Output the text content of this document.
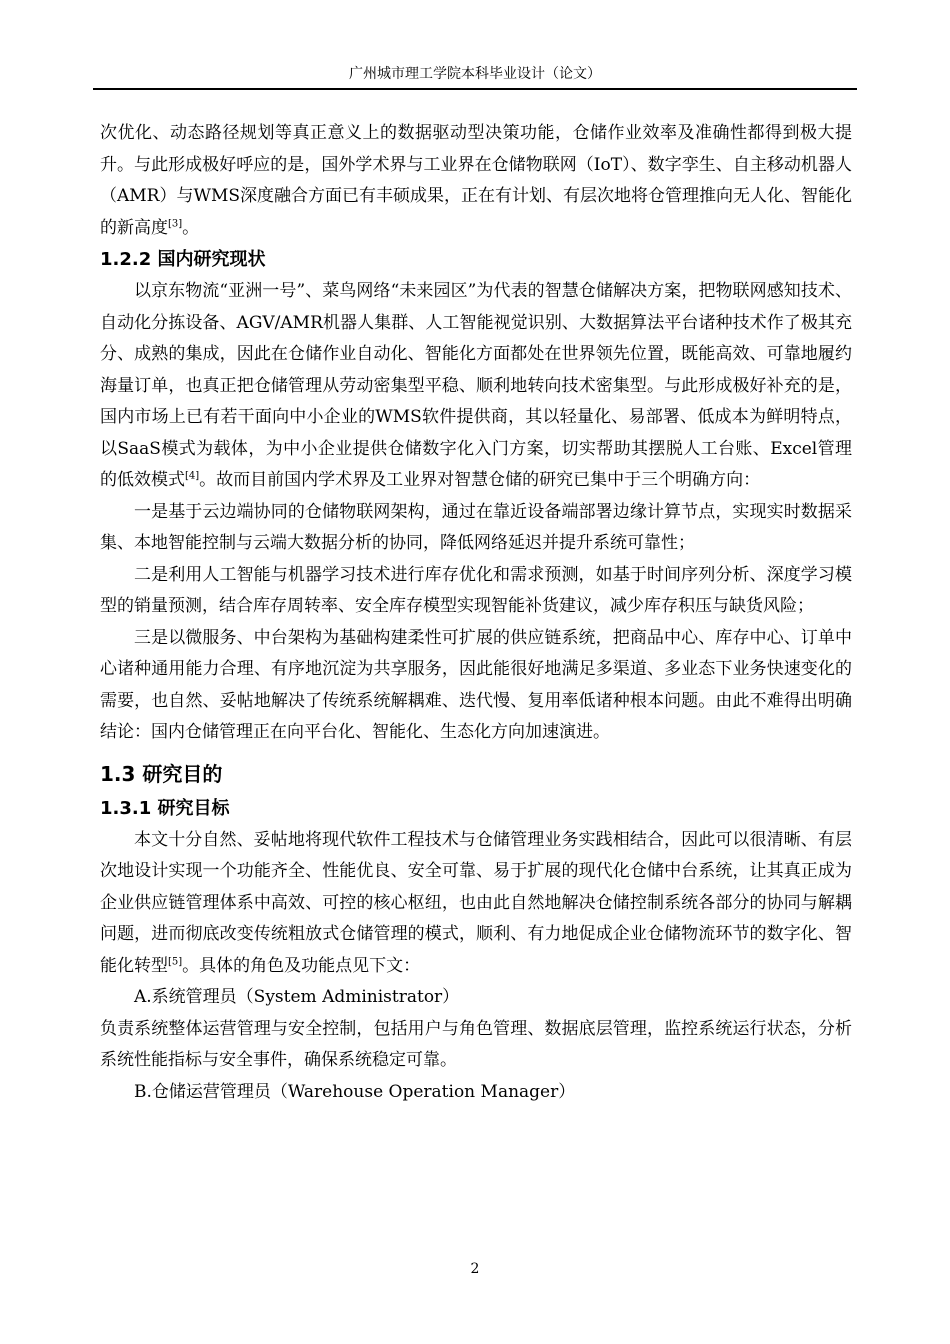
广州城市理工学院本科毕业设计（论文）

次优化、动态路径规划等真正意义上的数据驱动型决策功能，仓储作业效率及准确性都得到极大提升。与此形成极好呼应的是，国外学术界与工业界在仓储物联网（IoT）、数字孪生、自主移动机器人（AMR）与WMS深度融合方面已有丰硕成果，正在有计划、有层次地将仓管理推向无人化、智能化的新高度[3]。

1.2.2 国内研究现状

以京东物流“亚洲一号”、菜鸟网络“未来园区”为代表的智慧仓储解决方案，把物联网感知技术、自动化分拣设备、AGV/AMR机器人集群、人工智能视觉识别、大数据算法平台诸种技术作了极其充分、成熟的集成，因此在仓储作业自动化、智能化方面都处在世界领先位置，既能高效、可靠地履约海量订单，也真正把仓储管理从劳动密集型平稳、顺利地转向技术密集型。与此形成极好补充的是，国内市场上已有若干面向中小企业的WMS软件提供商，其以轻量化、易部署、低成本为鲜明特点，以SaaS模式为载体，为中小企业提供仓储数字化入门方案，切实帮助其摆脱人工台账、Excel管理的低效模式[4]。故而目前国内学术界及工业界对智慧仓储的研究已集中于三个明确方向：

一是基于云边端协同的仓储物联网架构，通过在靠近设备端部署边缘计算节点，实现实时数据采集、本地智能控制与云端大数据分析的协同，降低网络延迟并提升系统可靠性；

二是利用人工智能与机器学习技术进行库存优化和需求预测，如基于时间序列分析、深度学习模型的销量预测，结合库存周转率、安全库存模型实现智能补货建议，减少库存积压与缺货风险；

三是以微服务、中台架构为基础构建柔性可扩展的供应链系统，把商品中心、库存中心、订单中心诸种通用能力合理、有序地沉淀为共享服务，因此能很好地满足多渠道、多业态下业务快速变化的需要，也自然、妥帖地解决了传统系统解耦难、迭代慢、复用率低诸种根本问题。由此不难得出明确结论：国内仓储管理正在向平台化、智能化、生态化方向加速演进。

1.3 研究目的
1.3.1 研究目标

本文十分自然、妥帖地将现代软件工程技术与仓储管理业务实践相结合，因此可以很清晰、有层次地设计实现一个功能齐全、性能优良、安全可靠、易于扩展的现代化仓储中台系统，让其真正成为企业供应链管理体系中高效、可控的核心枢纽，也由此自然地解决仓储控制系统各部分的协同与解耦问题，进而彻底改变传统粗放式仓储管理的模式，顺利、有力地促成企业仓储物流环节的数字化、智能化转型[5]。具体的角色及功能点见下文：

A.系统管理员（System Administrator）

负责系统整体运营管理与安全控制，包括用户与角色管理、数据底层管理，监控系统运行状态，分析系统性能指标与安全事件，确保系统稳定可靠。

B.仓储运营管理员（Warehouse Operation Manager）

2
